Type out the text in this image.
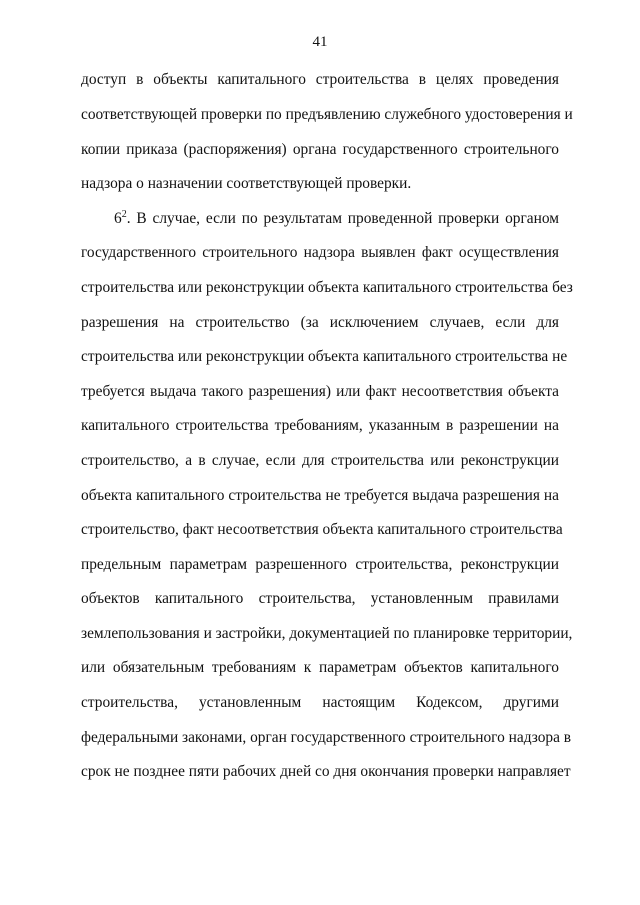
41
доступ в объекты капитального строительства в целях проведения
соответствующей проверки по предъявлению служебного удостоверения и
копии приказа (распоряжения) органа государственного строительного
надзора о назначении соответствующей проверки.
$6^2$. В случае, если по результатам проведенной проверки органом
государственного строительного надзора выявлен факт осуществления
строительства или реконструкции объекта капитального строительства без
разрешения на строительство (за исключением случаев, если для
строительства или реконструкции объекта капитального строительства не
требуется выдача такого разрешения) или факт несоответствия объекта
капитального строительства требованиям, указанным в разрешении на
строительство, а в случае, если для строительства или реконструкции
объекта капитального строительства не требуется выдача разрешения на
строительство, факт несоответствия объекта капитального строительства
предельным параметрам разрешенного строительства, реконструкции
объектов капитального строительства, установленным правилами
землепользования и застройки, документацией по планировке территории,
или обязательным требованиям к параметрам объектов капитального
строительства, установленным настоящим Кодексом, другими
федеральными законами, орган государственного строительного надзора в
срок не позднее пяти рабочих дней со дня окончания проверки направляет
